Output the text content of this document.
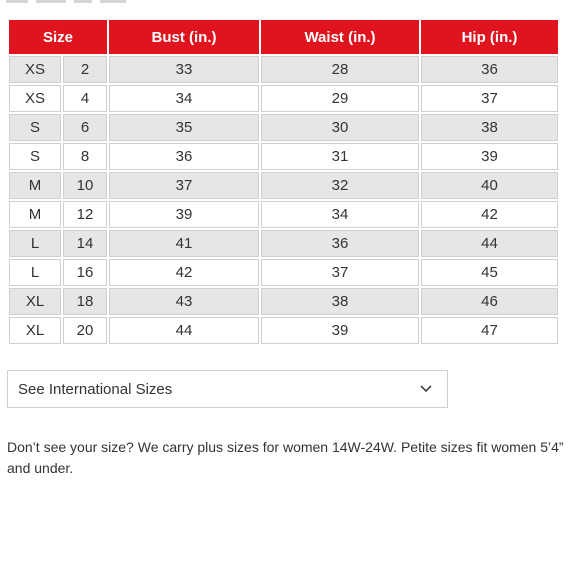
Size		Bust (in.)	Waist (in.)	Hip (in.)
XS	2	33	28	36
XS	4	34	29	37
S	6	35	30	38
S	8	36	31	39
M	10	37	32	40
M	12	39	34	42
L	14	41	36	44
L	16	42	37	45
XL	18	43	38	46
XL	20	44	39	47
See International Sizes
Don’t see your size? We carry plus sizes for women 14W-24W. Petite sizes fit women 5’4” and under.
